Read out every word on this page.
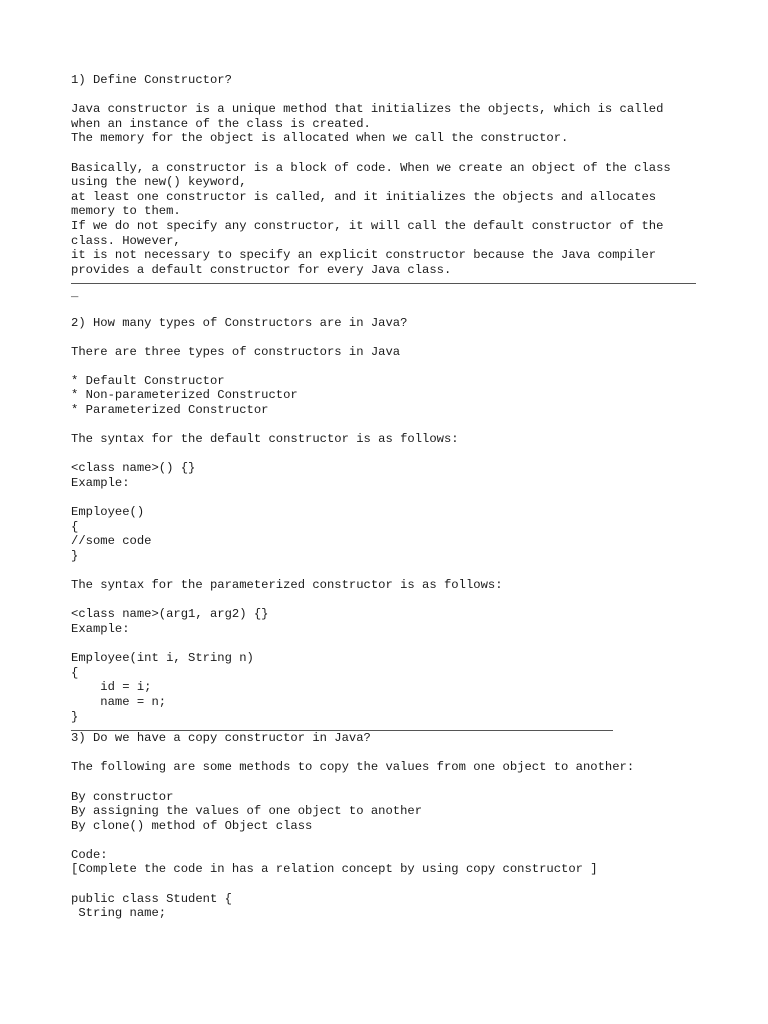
1) Define Constructor?

Java constructor is a unique method that initializes the objects, which is called
when an instance of the class is created.
The memory for the object is allocated when we call the constructor.

Basically, a constructor is a block of code. When we create an object of the class
using the new() keyword,
at least one constructor is called, and it initializes the objects and allocates
memory to them.
If we do not specify any constructor, it will call the default constructor of the
class. However,
it is not necessary to specify an explicit constructor because the Java compiler
provides a default constructor for every Java class.

_

2) How many types of Constructors are in Java?

There are three types of constructors in Java

* Default Constructor
* Non-parameterized Constructor
* Parameterized Constructor

The syntax for the default constructor is as follows:

<class name>() {}
Example:

Employee()
{
//some code
}

The syntax for the parameterized constructor is as follows:

<class name>(arg1, arg2) {}
Example:

Employee(int i, String n)
{
id = i;
name = n;
}

3) Do we have a copy constructor in Java?

The following are some methods to copy the values from one object to another:

By constructor
By assigning the values of one object to another
By clone() method of Object class

Code:
[Complete the code in has a relation concept by using copy constructor ]

public class Student {
String name;
